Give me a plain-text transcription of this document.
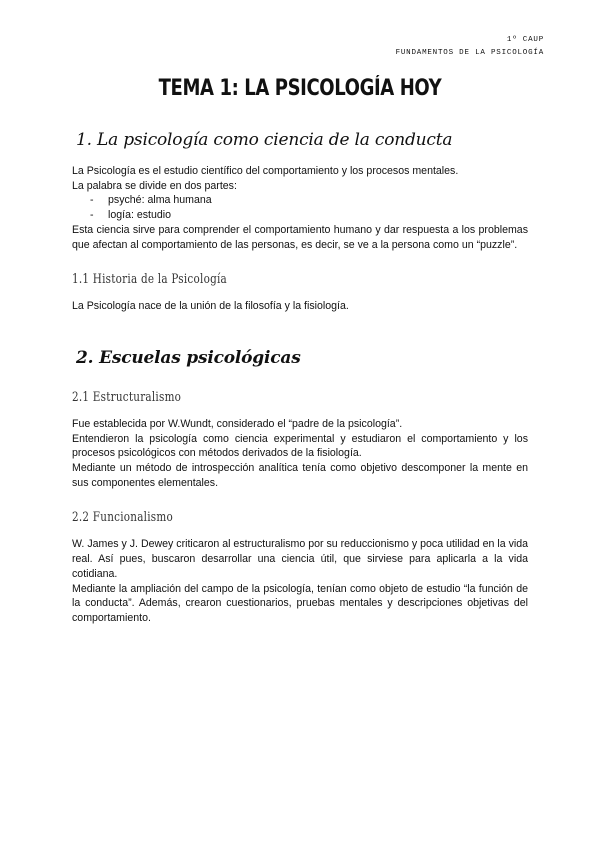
1º CAUP
FUNDAMENTOS DE LA PSICOLOGÍA
TEMA 1: LA PSICOLOGÍA HOY
1. La psicología como ciencia de la conducta

La Psicología es el estudio científico del comportamiento y los procesos mentales.

La palabra se divide en dos partes:

- psyché: alma humana
- logía: estudio

Esta ciencia sirve para comprender el comportamiento humano y dar respuesta a los problemas que afectan al comportamiento de las personas, es decir, se ve a la persona como un “puzzle”.

1.1 Historia de la Psicología

La Psicología nace de la unión de la filosofía y la fisiología.

2. Escuelas psicológicas
2.1 Estructuralismo

Fue establecida por W.Wundt, considerado el “padre de la psicología”.

Entendieron la psicología como ciencia experimental y estudiaron el comportamiento y los procesos psicológicos con métodos derivados de la fisiología.

Mediante un método de introspección analítica tenía como objetivo descomponer la mente en sus componentes elementales.

2.2 Funcionalismo

W. James y J. Dewey criticaron al estructuralismo por su reduccionismo y poca utilidad en la vida real. Así pues, buscaron desarrollar una ciencia útil, que sirviese para aplicarla a la vida cotidiana.

Mediante la ampliación del campo de la psicología, tenían como objeto de estudio “la función de la conducta”. Además, crearon cuestionarios, pruebas mentales y descripciones objetivas del comportamiento.
